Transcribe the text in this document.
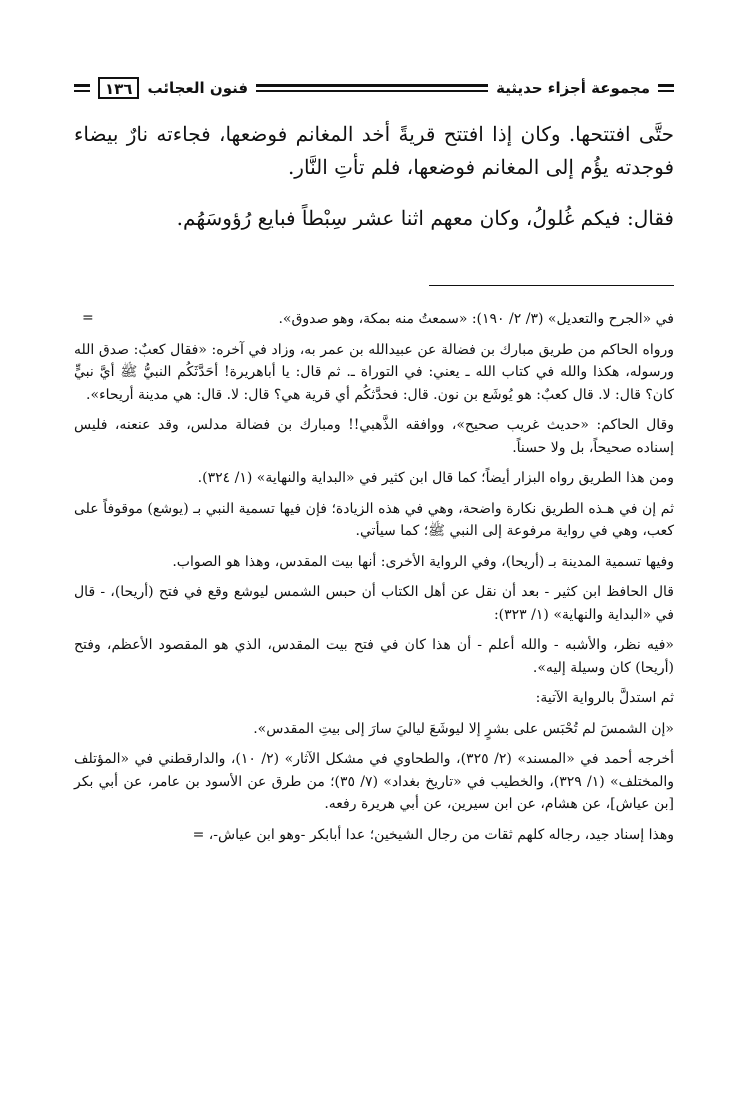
مجموعة أجزاء حديثية
فنون العجائب
١٣٦

حتَّى افتتحها. وكان إذا افتتح قريةً أخد المغانم فوضعها، فجاءته نارٌ بيضاء فوجدته يؤُم إلى المغانم فوضعها، فلم تأتِ النَّار.

فقال: فيكم غُلولُ، وكان معهم اثنا عشر سِبْطاً فبايع رُؤوسَهُم.

=	في «الجرح والتعديل» (٣/ ٢/ ١٩٠): «سمعتُ منه بمكة، وهو صدوق».

ورواه الحاكم من طريق مبارك بن فضالة عن عبيدالله بن عمر به، وزاد في آخره: «فقال كعبٌ: صدق الله ورسوله، هكذا والله في كتاب الله ـ يعني: في التوراة ـ. ثم قال: يا أباهريرة! أحَدَّثَكُم النبيُّ ﷺ أيَّ نبيٍّ كان؟ قال: لا. قال كعبٌ: هو يُوشَع بن نون. قال: فحدَّثكُم أي قرية هي؟ قال: لا. قال: هي مدينة أريحاء».

وقال الحاكم: «حديث غريب صحيح»، ووافقه الذَّهبي!! ومبارك بن فضالة مدلس، وقد عنعنه، فليس إسناده صحيحاً، بل ولا حسناً.

ومن هذا الطريق رواه البزار أيضاً؛ كما قال ابن كثير في «البداية والنهاية» (١/ ٣٢٤).

ثم إن في هـذه الطريق نكارة واضحة، وهي في هذه الزيادة؛ فإن فيها تسمية النبي بـ (يوشع) موقوفاً على كعب، وهي في رواية مرفوعة إلى النبي ﷺ؛ كما سيأتي.

وفيها تسمية المدينة بـ (أريحا)، وفي الرواية الأخرى: أنها بيت المقدس، وهذا هو الصواب.

قال الحافظ ابن كثير - بعد أن نقل عن أهل الكتاب أن حبس الشمس ليوشع وقع في فتح (أريحا)، - قال في «البداية والنهاية» (١/ ٣٢٣):

«فيه نظر، والأشبه - والله أعلم - أن هذا كان في فتح بيت المقدس، الذي هو المقصود الأعظم، وفتح (أريحا) كان وسيلة إليه».

ثم استدلَّ بالرواية الآتية:

«إن الشمسَ لم تُحْبَس على بشرٍ إلا ليوشَعَ لياليَ سارَ إلى بيتِ المقدس».

أخرجه أحمد في «المسند» (٢/ ٣٢٥)، والطحاوي في مشكل الآثار» (٢/ ١٠)، والدارقطني في «المؤتلف والمختلف» (١/ ٣٢٩)، والخطيب في «تاريخ بغداد» (٧/ ٣٥)؛ من طرق عن الأسود بن عامر، عن أبي بكر [بن عياش]، عن هشام، عن ابن سيرين، عن أبي هريرة رفعه.

وهذا إسناد جيد، رجاله كلهم ثقات من رجال الشيخين؛ عدا أبابكر -وهو ابن عياش-، =
